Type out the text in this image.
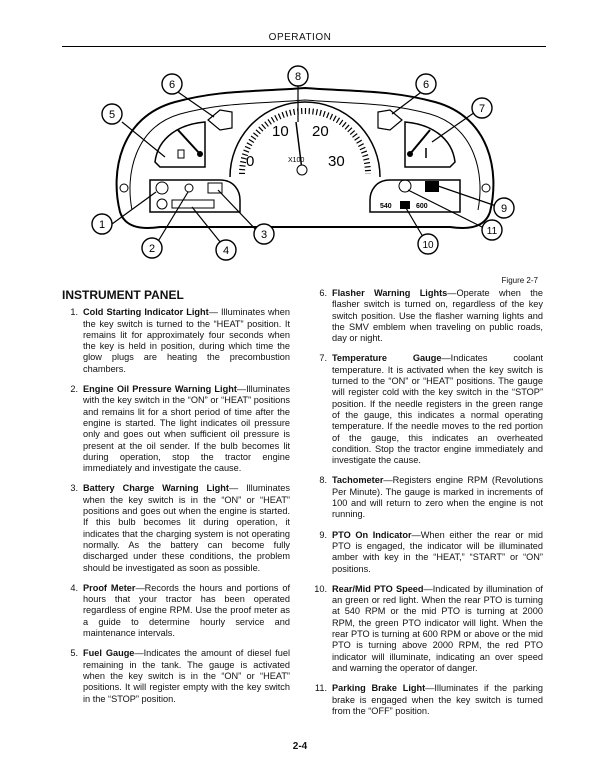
OPERATION
10 20
0	30
X100
540	600
1
2
3
4
5
6	6
7
8
9
10
11
Figure 2-7
INSTRUMENT PANEL
1. Cold Starting Indicator Light— Illuminates when the key switch is turned to the “HEAT” position. It remains lit for approximately four seconds when the key is held in position, during which time the glow plugs are heating the precombustion chambers.
2. Engine Oil Pressure Warning Light—Illuminates with the key switch in the “ON” or “HEAT” positions and remains lit for a short period of time after the engine is started. The light indicates oil pressure only and goes out when sufficient oil pressure is present at the oil sender. If the bulb becomes lit during operation, stop the tractor engine immediately and investigate the cause.
3. Battery Charge Warning Light— Illuminates when the key switch is in the “ON” or “HEAT” positions and goes out when the engine is started. If this bulb becomes lit during operation, it indicates that the charging system is not operating normally. As the battery can become fully discharged under these conditions, the problem should be investigated as soon as possible.
4. Proof Meter—Records the hours and portions of hours that your tractor has been operated regardless of engine RPM. Use the proof meter as a guide to determine hourly service and maintenance intervals.
5. Fuel Gauge—Indicates the amount of diesel fuel remaining in the tank. The gauge is activated when the key switch is in the “ON” or “HEAT” positions. It will register empty with the key switch in the “STOP” position.
6. Flasher Warning Lights—Operate when the flasher switch is turned on, regardless of the key switch position. Use the flasher warning lights and the SMV emblem when traveling on public roads, day or night.
7. Temperature Gauge—Indicates coolant temperature. It is activated when the key switch is turned to the “ON” or “HEAT” positions. The gauge will register cold with the key switch in the “STOP” position. If the needle registers in the green range of the gauge, this indicates a normal operating temperature. If the needle moves to the red portion of the gauge, this indicates an overheated condition. Stop the tractor engine immediately and investigate the cause.
8. Tachometer—Registers engine RPM (Revolutions Per Minute). The gauge is marked in increments of 100 and will return to zero when the engine is not running.
9. PTO On Indicator—When either the rear or mid PTO is engaged, the indicator will be illuminated amber with key in the “HEAT,” “START” or “ON” positions.
10. Rear/Mid PTO Speed—Indicated by illumination of an green or red light. When the rear PTO is turning at 540 RPM or the mid PTO is turning at 2000 RPM, the green PTO indicator will light. When the rear PTO is turning at 600 RPM or above or the mid PTO is turning above 2000 RPM, the red PTO indicator will illuminate, indicating an over speed and warning the operator of danger.
11. Parking Brake Light—Illuminates if the parking brake is engaged when the key switch is turned from the “OFF” position.
2-4
